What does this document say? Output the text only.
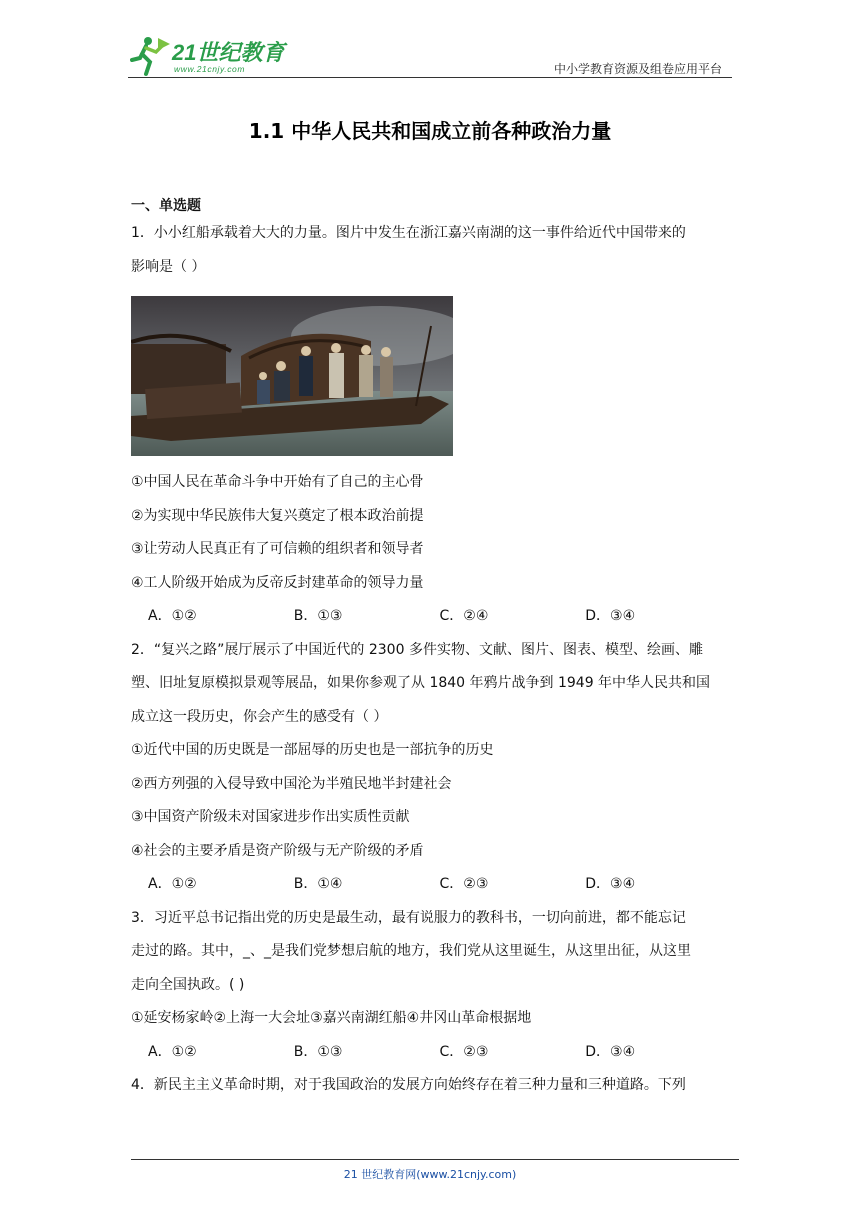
21世纪教育
www.21cnjy.com	中小学教育资源及组卷应用平台
1.1 中华人民共和国成立前各种政治力量
一、单选题
1．小小红船承载着大大的力量。图片中发生在浙江嘉兴南湖的这一事件给近代中国带来的
影响是（ ）
①中国人民在革命斗争中开始有了自己的主心骨
②为实现中华民族伟大复兴奠定了根本政治前提
③让劳动人民真正有了可信赖的组织者和领导者
④工人阶级开始成为反帝反封建革命的领导力量
A．①②	B．①③	C．②④	D．③④
2．“复兴之路”展厅展示了中国近代的 2300 多件实物、文献、图片、图表、模型、绘画、雕
塑、旧址复原模拟景观等展品，如果你参观了从 1840 年鸦片战争到 1949 年中华人民共和国
成立这一段历史，你会产生的感受有（ ）
①近代中国的历史既是一部屈辱的历史也是一部抗争的历史
②西方列强的入侵导致中国沦为半殖民地半封建社会
③中国资产阶级未对国家进步作出实质性贡献
④社会的主要矛盾是资产阶级与无产阶级的矛盾
A．①②	B．①④	C．②③	D．③④
3．习近平总书记指出党的历史是最生动，最有说服力的教科书，一切向前进，都不能忘记
走过的路。其中，_、_是我们党梦想启航的地方，我们党从这里诞生，从这里出征，从这里
走向全国执政。( )
①延安杨家岭②上海一大会址③嘉兴南湖红船④井冈山革命根据地
A．①②	B．①③	C．②③	D．③④
4．新民主主义革命时期，对于我国政治的发展方向始终存在着三种力量和三种道路。下列
21 世纪教育网(www.21cnjy.com)
